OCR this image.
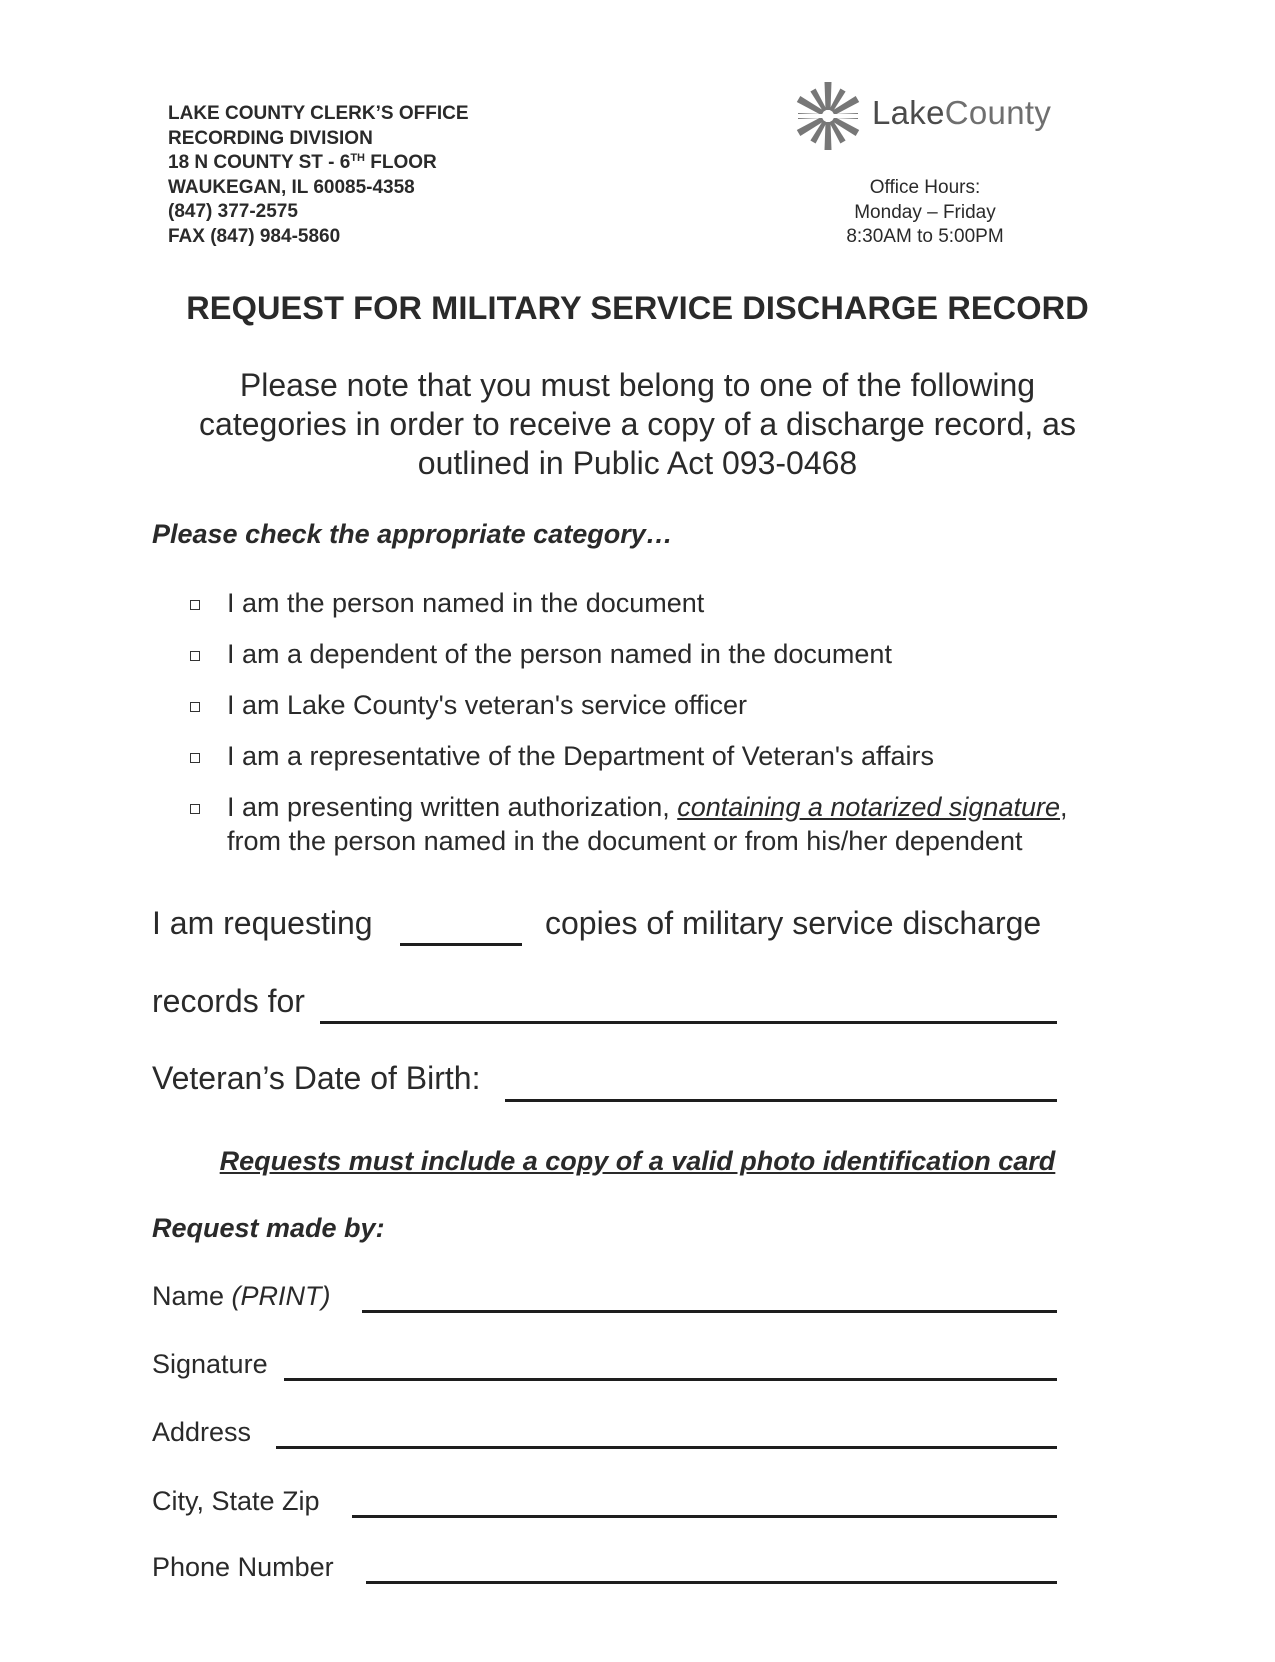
LAKE COUNTY CLERK’S OFFICE
RECORDING DIVISION
18 N COUNTY ST - 6TH FLOOR
WAUKEGAN, IL 60085-4358
(847) 377-2575
FAX (847) 984-5860
LakeCounty
Office Hours:
Monday – Friday
8:30AM to 5:00PM
REQUEST FOR MILITARY SERVICE DISCHARGE RECORD
Please note that you must belong to one of the following
categories in order to receive a copy of a discharge record, as
outlined in Public Act 093-0468
Please check the appropriate category…
I am the person named in the document
I am a dependent of the person named in the document
I am Lake County's veteran's service officer
I am a representative of the Department of Veteran's affairs
I am presenting written authorization, containing a notarized signature, from the person named in the document or from his/her dependent
I am requesting	copies of military service discharge
records for
Veteran’s Date of Birth:
Requests must include a copy of a valid photo identification card
Request made by:
Name (PRINT)
Signature
Address
City, State Zip
Phone Number
